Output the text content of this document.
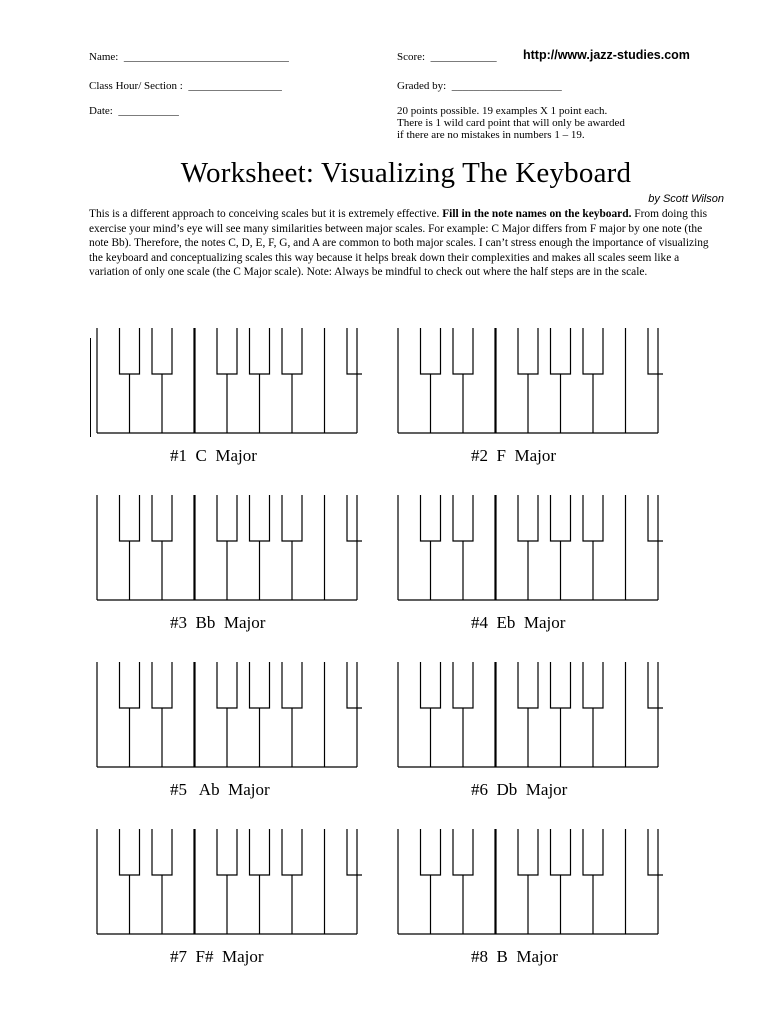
Name: ______________________________	Score: ____________ http://www.jazz-studies.com
Class Hour/ Section : _________________	Graded by: ____________________
Date: ___________	20 points possible. 19 examples X 1 point each.
There is 1 wild card point that will only be awarded
if there are no mistakes in numbers 1 – 19.
Worksheet: Visualizing The Keyboard
by Scott Wilson
This is a different approach to conceiving scales but it is extremely effective. Fill in the note names on the keyboard. From doing this exercise your mind’s eye will see many similarities between major scales. For example: C Major differs from F major by one note (the note Bb). Therefore, the notes C, D, E, F, G, and A are common to both major scales. I can’t stress enough the importance of visualizing the keyboard and conceptualizing scales this way because it helps break down their complexities and makes all scales seem like a variation of only one scale (the C Major scale). Note: Always be mindful to check out where the half steps are in the scale.
#1  C  Major	#2  F  Major
#3  Bb  Major	#4  Eb  Major
#5   Ab  Major	#6  Db  Major
#7  F#  Major	#8  B  Major
